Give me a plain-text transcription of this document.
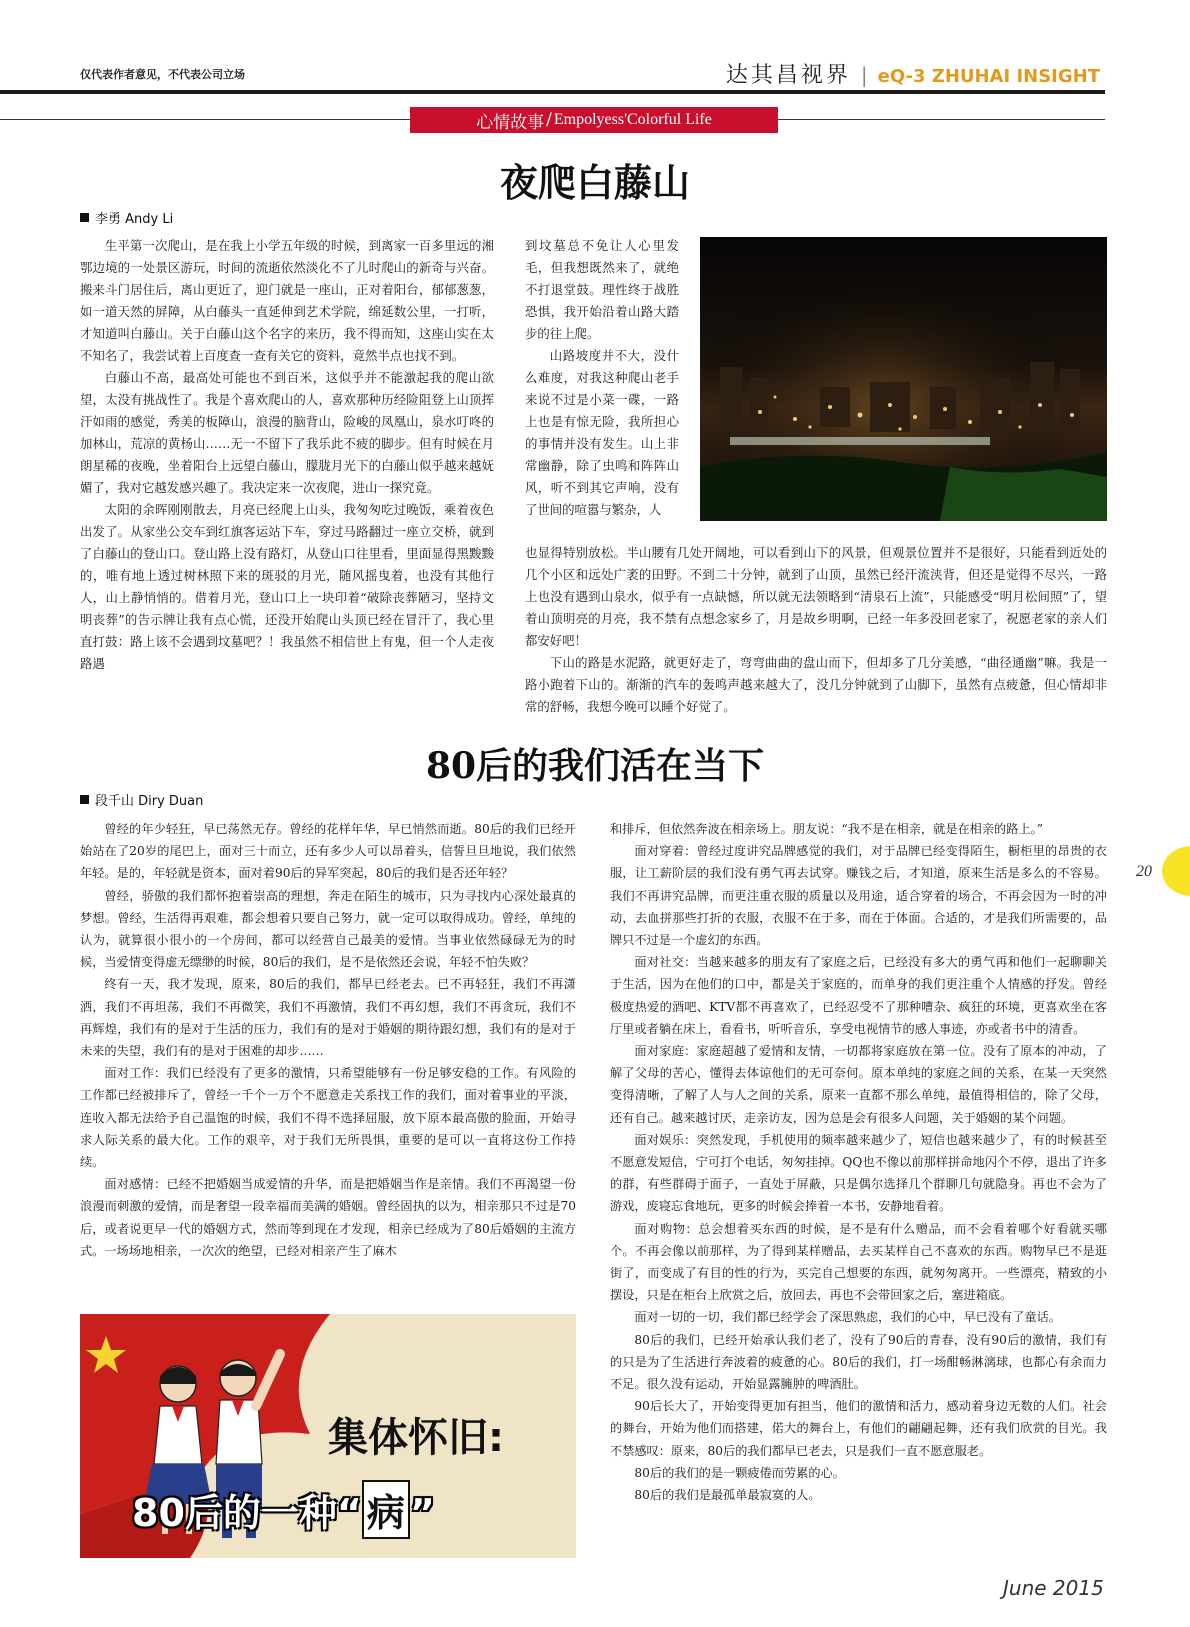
仅代表作者意见，不代表公司立场	达其昌视界 | eQ-3 ZHUHAI INSIGHT
心情故事 / Empolyess'Colorful Life
夜爬白藤山
李勇 Andy Li

生平第一次爬山，是在我上小学五年级的时候，到离家一百多里远的湘鄂边境的一处景区游玩，时间的流逝依然淡化不了儿时爬山的新奇与兴奋。搬来斗门居住后，离山更近了，迎门就是一座山，正对着阳台，郁郁葱葱，如一道天然的屏障，从白藤头一直延伸到艺术学院，绵延数公里，一打听，才知道叫白藤山。关于白藤山这个名字的来历，我不得而知，这座山实在太不知名了，我尝试着上百度查一查有关它的资料，竟然半点也找不到。

白藤山不高，最高处可能也不到百米，这似乎并不能激起我的爬山欲望，太没有挑战性了。我是个喜欢爬山的人，喜欢那种历经险阻登上山顶挥汗如雨的感觉，秀美的板障山，浪漫的脑背山，险峻的凤凰山，泉水叮咚的加林山，荒凉的黄杨山……无一不留下了我乐此不疲的脚步。但有时候在月朗星稀的夜晚，坐着阳台上远望白藤山，朦胧月光下的白藤山似乎越来越妩媚了，我对它越发感兴趣了。我决定来一次夜爬，进山一探究竟。

太阳的余晖刚刚散去，月亮已经爬上山头，我匆匆吃过晚饭，乘着夜色出发了。从家坐公交车到红旗客运站下车，穿过马路翻过一座立交桥，就到了白藤山的登山口。登山路上没有路灯，从登山口往里看，里面显得黑黢黢的，唯有地上透过树林照下来的斑驳的月光，随风摇曳着，也没有其他行人，山上静悄悄的。借着月光，登山口上一块印着“破除丧葬陋习，坚持文明丧葬”的告示牌让我有点心慌，还没开始爬山头顶已经在冒汗了，我心里直打鼓：路上该不会遇到坟墓吧？！我虽然不相信世上有鬼，但一个人走夜路遇

到坟墓总不免让人心里发毛，但我想既然来了，就绝不打退堂鼓。理性终于战胜恐惧，我开始沿着山路大踏步的往上爬。

山路坡度并不大，没什么难度，对我这种爬山老手来说不过是小菜一碟，一路上也是有惊无险，我所担心的事情并没有发生。山上非常幽静，除了虫鸣和阵阵山风，听不到其它声响，没有了世间的喧嚣与繁杂，人

也显得特别放松。半山腰有几处开阔地，可以看到山下的风景，但观景位置并不是很好，只能看到近处的几个小区和远处广袤的田野。不到二十分钟，就到了山顶，虽然已经汗流浃背，但还是觉得不尽兴，一路上也没有遇到山泉水，似乎有一点缺憾，所以就无法领略到“清泉石上流”，只能感受“明月松间照”了，望着山顶明亮的月亮，我不禁有点想念家乡了，月是故乡明啊，已经一年多没回老家了，祝愿老家的亲人们都安好吧！

下山的路是水泥路，就更好走了，弯弯曲曲的盘山而下，但却多了几分美感，“曲径通幽”嘛。我是一路小跑着下山的。渐渐的汽车的轰鸣声越来越大了，没几分钟就到了山脚下，虽然有点疲惫，但心情却非常的舒畅，我想今晚可以睡个好觉了。

80后的我们活在当下
段千山 Diry Duan

曾经的年少轻狂，早已荡然无存。曾经的花样年华，早已悄然而逝。80后的我们已经开始站在了20岁的尾巴上，面对三十而立，还有多少人可以昂着头，信誓旦旦地说，我们依然年轻。是的，年轻就是资本，面对着90后的异军突起，80后的我们是否还年轻？

曾经，骄傲的我们都怀抱着崇高的理想，奔走在陌生的城市，只为寻找内心深处最真的梦想。曾经，生活得再艰难，都会想着只要自己努力，就一定可以取得成功。曾经，单纯的认为，就算很小很小的一个房间，都可以经营自己最美的爱情。当事业依然碌碌无为的时候，当爱情变得虚无缥缈的时候，80后的我们，是不是依然还会说，年轻不怕失败？

终有一天，我才发现，原来，80后的我们，都早已经老去。已不再轻狂，我们不再潇洒，我们不再坦荡，我们不再微笑，我们不再激情，我们不再幻想，我们不再贪玩，我们不再辉煌，我们有的是对于生活的压力，我们有的是对于婚姻的期待跟幻想，我们有的是对于未来的失望，我们有的是对于困难的却步……

面对工作：我们已经没有了更多的激情，只希望能够有一份足够安稳的工作。有风险的工作都已经被排斥了，曾经一千个一万个不愿意走关系找工作的我们，面对着事业的平淡，连收入都无法给予自己温饱的时候，我们不得不选择屈服，放下原本最高傲的脸面，开始寻求人际关系的最大化。工作的艰辛，对于我们无所畏惧，重要的是可以一直将这份工作持续。

面对感情：已经不把婚姻当成爱情的升华，而是把婚姻当作是亲情。我们不再渴望一份浪漫而刺激的爱情，而是奢望一段幸福而美满的婚姻。曾经固执的以为，相亲那只不过是70后，或者说更早一代的婚姻方式，然而等到现在才发现，相亲已经成为了80后婚姻的主流方式。一场场地相亲，一次次的绝望，已经对相亲产生了麻木

和排斥，但依然奔波在相亲场上。朋友说：“我不是在相亲，就是在相亲的路上。”

面对穿着：曾经过度讲究品牌感觉的我们，对于品牌已经变得陌生，橱柜里的昂贵的衣服，让工薪阶层的我们没有勇气再去试穿。赚钱之后，才知道，原来生活是多么的不容易。我们不再讲究品牌，而更注重衣服的质量以及用途，适合穿着的场合，不再会因为一时的冲动，去血拼那些打折的衣服，衣服不在于多，而在于体面。合适的，才是我们所需要的，品牌只不过是一个虚幻的东西。

面对社交：当越来越多的朋友有了家庭之后，已经没有多大的勇气再和他们一起聊聊关于生活，因为在他们的口中，都是关于家庭的，而单身的我们更注重个人情感的抒发。曾经极度热爱的酒吧、KTV都不再喜欢了，已经忍受不了那种嘈杂、疯狂的环境，更喜欢坐在客厅里或者躺在床上，看看书，听听音乐，享受电视情节的感人事迹，亦或者书中的清香。

面对家庭：家庭超越了爱情和友情，一切都将家庭放在第一位。没有了原本的冲动，了解了父母的苦心，懂得去体谅他们的无可奈何。原本单纯的家庭之间的关系，在某一天突然变得清晰，了解了人与人之间的关系，原来一直都不那么单纯，最值得相信的，除了父母，还有自己。越来越讨厌，走亲访友，因为总是会有很多人问题，关于婚姻的某个问题。

面对娱乐：突然发现，手机使用的频率越来越少了，短信也越来越少了，有的时候甚至不愿意发短信，宁可打个电话，匆匆挂掉。QQ也不像以前那样拼命地闪个不停，退出了许多的群，有些群碍于面子，一直处于屏蔽，只是偶尔选择几个群聊几句就隐身。再也不会为了游戏，废寝忘食地玩，更多的时候会捧着一本书，安静地看着。

面对购物：总会想着买东西的时候，是不是有什么赠品，而不会看着哪个好看就买哪个。不再会像以前那样，为了得到某样赠品，去买某样自己不喜欢的东西。购物早已不是逛街了，而变成了有目的性的行为，买完自己想要的东西，就匆匆离开。一些漂亮，精致的小摆设，只是在柜台上欣赏之后，放回去，再也不会带回家之后，塞进箱底。

面对一切的一切，我们都已经学会了深思熟虑，我们的心中，早已没有了童话。

80后的我们，已经开始承认我们老了，没有了90后的青春，没有90后的激情，我们有的只是为了生活进行奔波着的疲惫的心。80后的我们，打一场酣畅淋漓球，也都心有余而力不足。很久没有运动，开始显露臃肿的啤酒肚。

90后长大了，开始变得更加有担当，他们的激情和活力，感动着身边无数的人们。社会的舞台，开始为他们而搭建，偌大的舞台上，有他们的翩翩起舞，还有我们欣赏的目光。我不禁感叹：原来，80后的我们都早已老去，只是我们一直不愿意服老。

80后的我们的是一颗疲倦而劳累的心。

80后的我们是最孤单最寂寞的人。

集体怀旧:
80后的一种“ 病 ”
20
June 2015
